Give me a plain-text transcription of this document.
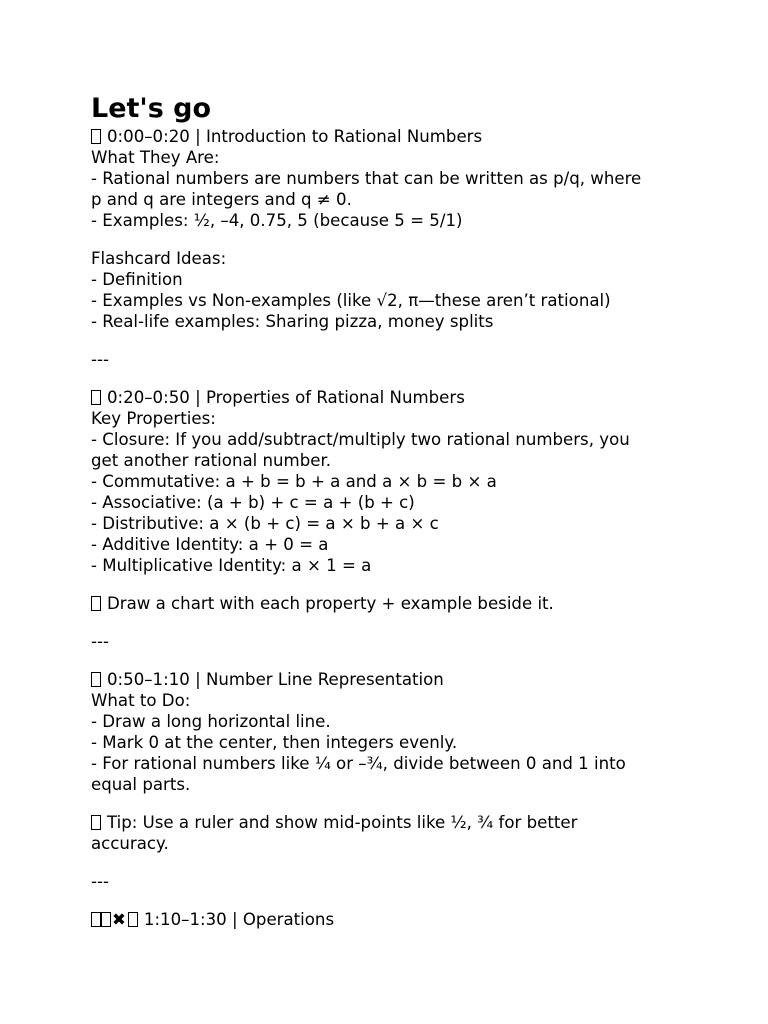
Let's go
0:00–0:20 | Introduction to Rational Numbers
What They Are:
- Rational numbers are numbers that can be written as p/q, where
p and q are integers and q ≠ 0.
- Examples: ½, –4, 0.75, 5 (because 5 = 5/1)
Flashcard Ideas:
- Definition
- Examples vs Non-examples (like √2, π—these aren’t rational)
- Real-life examples: Sharing pizza, money splits
---
0:20–0:50 | Properties of Rational Numbers
Key Properties:
- Closure: If you add/subtract/multiply two rational numbers, you
get another rational number.
- Commutative: a + b = b + a and a × b = b × a
- Associative: (a + b) + c = a + (b + c)
- Distributive: a × (b + c) = a × b + a × c
- Additive Identity: a + 0 = a
- Multiplicative Identity: a × 1 = a
Draw a chart with each property + example beside it.
---
0:50–1:10 | Number Line Representation
What to Do:
- Draw a long horizontal line.
- Mark 0 at the center, then integers evenly.
- For rational numbers like ¼ or –¾, divide between 0 and 1 into
equal parts.
Tip: Use a ruler and show mid-points like ½, ¾ for better
accuracy.
---
✖ 1:10–1:30 | Operations
